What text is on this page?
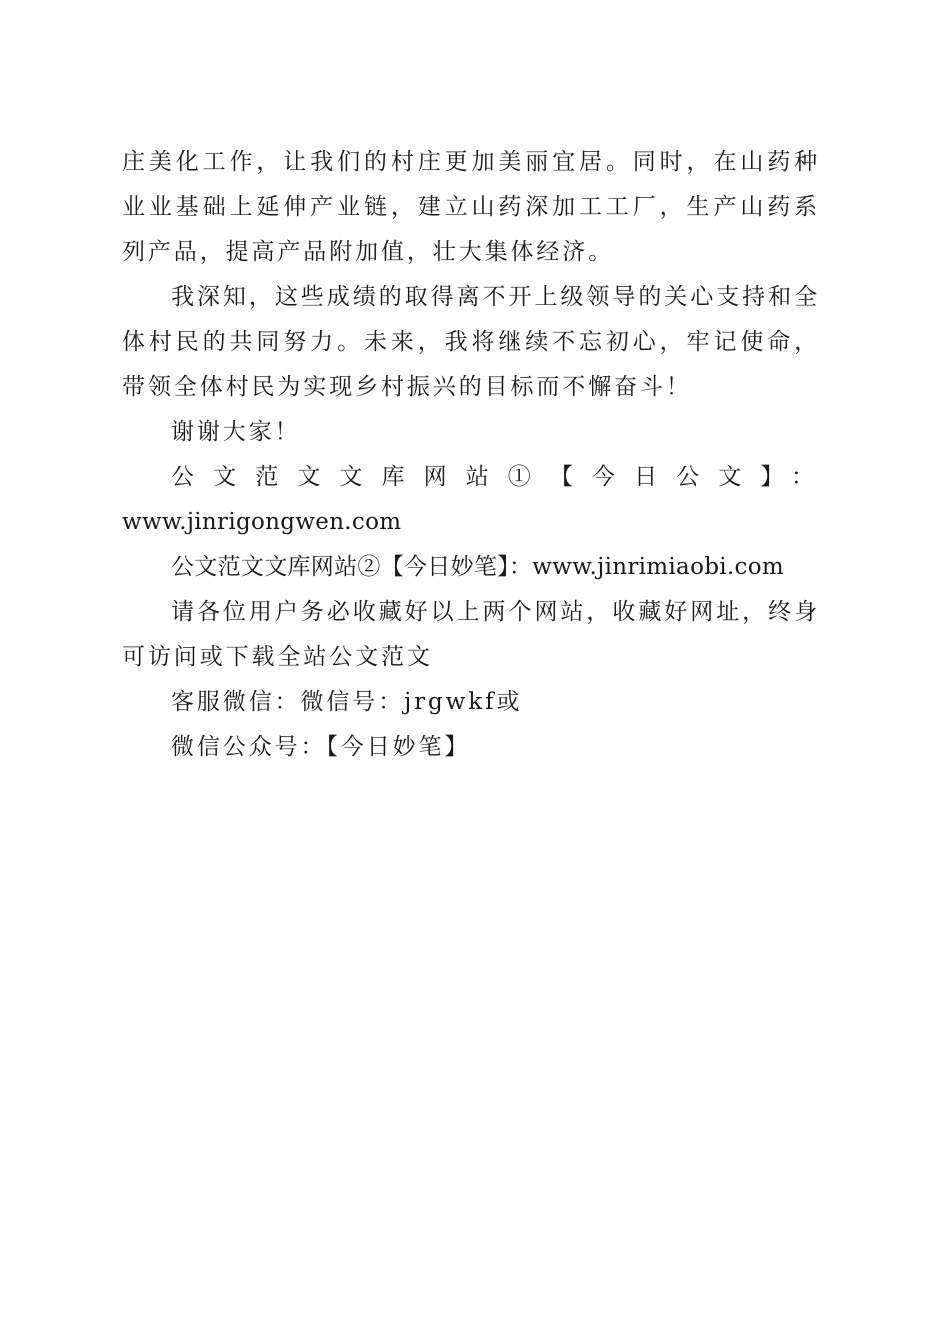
庄美化工作，让我们的村庄更加美丽宜居。同时，在山药种业业基础上延伸产业链，建立山药深加工工厂，生产山药系列产品，提高产品附加值，壮大集体经济。

我深知，这些成绩的取得离不开上级领导的关心支持和全体村民的共同努力。未来，我将继续不忘初心，牢记使命，带领全体村民为实现乡村振兴的目标而不懈奋斗！

谢谢大家！

公文范文文库网站①【今日公文】：

www.jinrigongwen.com

公文范文文库网站②【今日妙笔】：www.jinrimiaobi.com

请各位用户务必收藏好以上两个网站，收藏好网址，终身可访问或下载全站公文范文

客服微信：微信号：jrgwkf或

微信公众号：【今日妙笔】
